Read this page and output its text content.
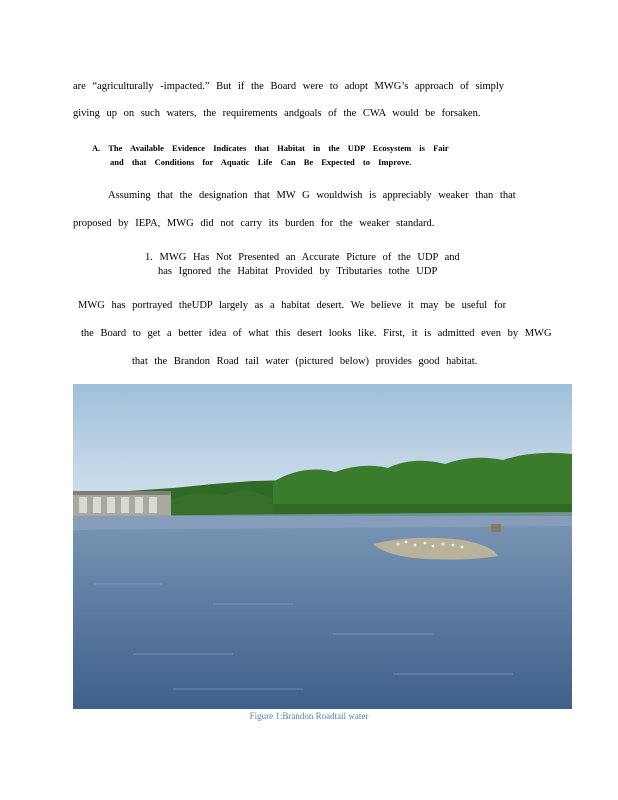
are “agriculturally -impacted.” But if the Board were to adopt MWG’s approach of simply
giving up on such waters, the requirements andgoals of the CWA would be forsaken.
A. The Available Evidence Indicates that Habitat in the UDP Ecosystem is Fair
and that Conditions for Aquatic Life Can Be Expected to Improve.
Assuming that the designation that MW G wouldwish is appreciably weaker than that
proposed by IEPA, MWG did not carry its burden for the weaker standard.
1. MWG Has Not Presented an Accurate Picture of the UDP and
has Ignored the Habitat Provided by Tributaries tothe UDP
MWG has portrayed theUDP largely as a habitat desert. We believe it may be useful for
the Board to get a better idea of what this desert looks like. First, it is admitted even by MWG
that the Brandon Road tail water (pictured below) provides good habitat.
Figure 1:Brandon Roadtail water
